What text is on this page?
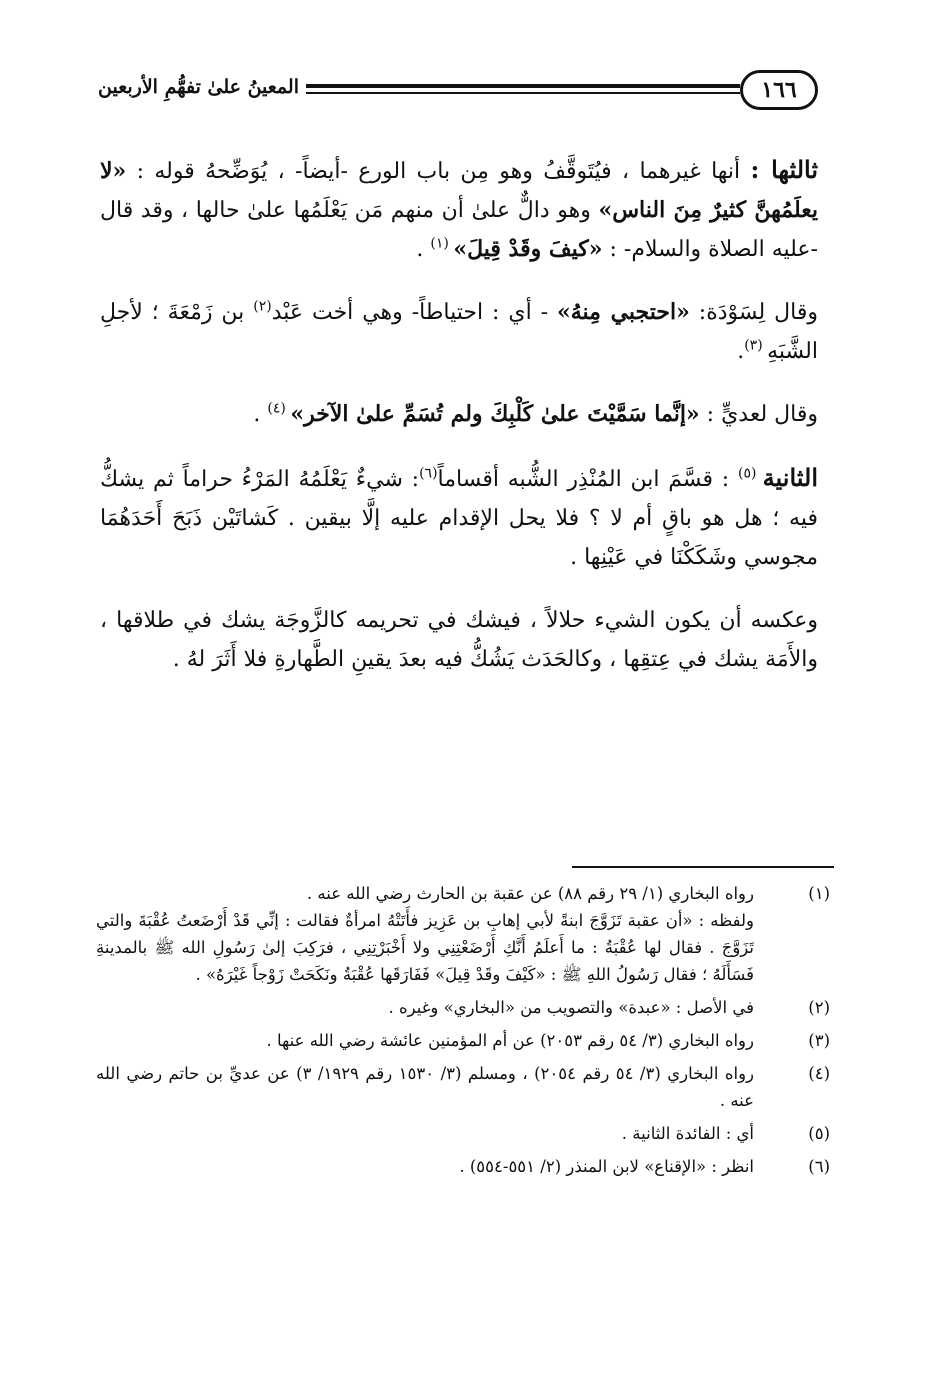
١٦٦
المعينُ علىٰ تفهُّمِ الأربعين

ثالثها : أنها غيرهما ، فيُتَوقَّفُ وهو مِن باب الورع -أيضاً- ، يُوَضِّحهُ قوله : «لا يعلَمُهنَّ كثيرٌ مِنَ الناس» وهو دالٌّ علىٰ أن منهم مَن يَعْلَمُها علىٰ حالها ، وقد قال -عليه الصلاة والسلام- : «كيفَ وقَدْ قِيلَ» $^{(١)}$ .

وقال لِسَوْدَة: «احتجبي مِنهُ» - أي : احتياطاً- وهي أخت عَبْد$^{(٢)}$ بن زَمْعَةَ ؛ لأجلِ الشَّبَهِ $^{(٣)}$.

وقال لعديٍّ : «إنَّما سَمَّيْتَ علىٰ كَلْبِكَ ولم تُسَمِّ علىٰ الآخر» $^{(٤)}$ .

الثانية $^{(٥)}$ : قسَّمَ ابن المُنْذِر الشُّبه أقساماً$^{(٦)}$: شيءٌ يَعْلَمُهُ المَرْءُ حراماً ثم يشكُّ فيه ؛ هل هو باقٍ أم لا ؟ فلا يحل الإقدام عليه إلَّا بيقين . كَشاتَيْن ذَبَحَ أَحَدَهُمَا مجوسي وشَكَكْنَا في عَيْنِها .

وعكسه أن يكون الشيء حلالاً ، فيشك في تحريمه كالزَّوجَة يشك في طلاقها ، والأَمَة يشك في عِتقِها ، وكالحَدَث يَشُكُّ فيه بعدَ يقينِ الطَّهارةِ فلا أَثَرَ لهُ .

(١)
رواه البخاري (١/ ٢٩ رقم ٨٨) عن عقبة بن الحارث رضي الله عنه .
ولفظه : «أن عقبة تَزَوَّجَ ابنةً لأبي إهابِ بن عَزِيز فأَتَتْهُ امرأةٌ فقالت : إنِّي قَدْ أَرْضَعتُ عُقْبَةَ والتي تَزَوَّجَ . فقال لها عُقْبَةُ : ما أَعلَمُ أَنَّكِ أَرْضَعْتِنِي ولا أَخْبَرْتِنِي ، فرَكِبَ إلىٰ رَسُولِ الله ﷺ بالمدينةِ فَسَأَلَهُ ؛ فقال رَسُولُ اللهِ ﷺ : «كَيْفَ وقَدْ قِيلَ» فَفَارَقَها عُقْبَةُ ونَكَحَتْ زَوْجاً غَيْرَهُ» .
(٢)
في الأصل : «عبدة» والتصويب من «البخاري» وغيره .
(٣)
رواه البخاري (٣/ ٥٤ رقم ٢٠٥٣) عن أم المؤمنين عائشة رضي الله عنها .
(٤)
رواه البخاري (٣/ ٥٤ رقم ٢٠٥٤) ، ومسلم (٣/ ١٥٣٠ رقم ١٩٢٩/ ٣) عن عديِّ بن حاتم رضي الله عنه .
(٥)
أي : الفائدة الثانية .
(٦)
انظر : «الإقناع» لابن المنذر (٢/ ٥٥١-٥٥٤) .
